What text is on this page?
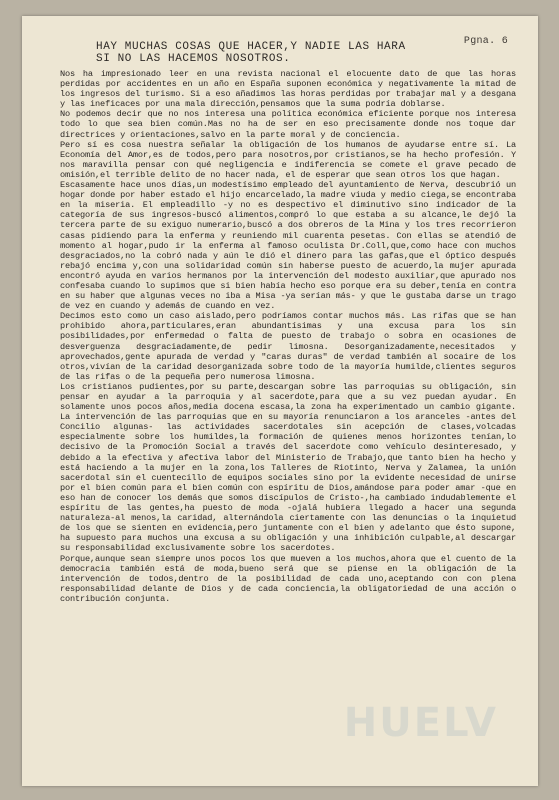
Pgna. 6
HAY MUCHAS COSAS QUE HACER,Y NADIE LAS HARA
SI NO LAS HACEMOS NOSOTROS.

Nos ha impresionado leer en una revista nacional el elocuente dato de que las horas perdidas por accidentes en un año en España suponen económica y negativamente la mitad de los ingresos del turismo. Si a eso añadimos las horas perdidas por trabajar mal y a desgana y las ineficaces por una mala dirección,pensamos que la suma podría doblarse.

No podemos decir que no nos interesa una política económica eficiente porque nos interesa todo lo que sea bien común.Mas no ha de ser en eso precisamente donde nos toque dar directrices y orientaciones,salvo en la parte moral y de conciencia.

Pero sí es cosa nuestra señalar la obligación de los humanos de ayudarse entre sí. La Economía del Amor,es de todos,pero para nosotros,por cristianos,se ha hecho profesión. Y nos maravilla pensar con qué negligencia e indiferencia se comete el grave pecado de omisión,el terrible delito de no hacer nada, el de esperar que sean otros los que hagan.

Escasamente hace unos días,un modestísimo empleado del ayuntamiento de Nerva, descubrió un hogar donde por haber estado el hijo encarcelado,la madre viuda y medio ciega,se encontraba en la miseria. El empleadillo -y no es despectivo el diminutivo sino indicador de la categoría de sus ingresos-buscó alimentos,compró lo que estaba a su alcance,le dejó la tercera parte de su exiguo numerario,buscó a dos obreros de la Mina y los tres recorrieron casas pidiendo para la enferma y reuniendo mil cuarenta pesetas. Con ellas se atendió de momento al hogar,pudo ir la enferma al famoso oculista Dr.Coll,que,como hace con muchos desgraciados,no la cobró nada y aún le dió el dinero para las gafas,que el óptico después rebajó encima y,con una solidaridad común sin haberse puesto de acuerdo,la mujer apurada encontró ayuda en varios hermanos por la intervención del modesto auxiliar,que apurado nos confesaba cuando lo supimos que si bien había hecho eso porque era su deber,tenía en contra en su haber que algunas veces no iba a Misa -ya serían más- y que le gustaba darse un trago de vez en cuando y además de cuando en vez.

Decimos esto como un caso aislado,pero podríamos contar muchos más. Las rifas que se han prohibido ahora,particulares,eran abundantísimas y una excusa para los sin posibilidades,por enfermedad o falta de puesto de trabajo o sobra en ocasiones de desverguenza desgraciadamente,de pedir limosna. Desorganizadamente,necesitados y aprovechados,gente apurada de verdad y "caras duras" de verdad también al socaire de los otros,vivían de la caridad desorganizada sobre todo de la mayoría humilde,clientes seguros de las rifas o de la pequeña pero numerosa limosna.

Los cristianos pudientes,por su parte,descargan sobre las parroquias su obligación, sin pensar en ayudar a la parroquia y al sacerdote,para que a su vez puedan ayudar. En solamente unos pocos años,media docena escasa,la zona ha experimentado un cambio gigante. La intervención de las parroquias que en su mayoría renunciaron a los aranceles -antes del Concilio algunas- las actividades sacerdotales sin acepción de clases,volcadas especialmente sobre los humildes,la formación de quienes menos horizontes tenían,lo decisivo de la Promoción Social a través del sacerdote como vehículo desinteresado, y debido a la efectiva y afectiva labor del Ministerio de Trabajo,que tanto bien ha hecho y está haciendo a la mujer en la zona,los Talleres de Riotinto, Nerva y Zalamea, la unión sacerdotal sin el cuentecillo de equipos sociales sino por la evidente necesidad de unirse por el bien común para el bien común con espíritu de Dios,amándose para poder amar -que en eso han de conocer los demás que somos discípulos de Cristo-,ha cambiado indudablemente el espíritu de las gentes,ha puesto de moda -ojalá hubiera llegado a hacer una segunda naturaleza-al menos,la caridad, alternándola ciertamente con las denuncias o la inquietud de los que se sienten en evidencia,pero juntamente con el bien y adelanto que ésto supone, ha supuesto para muchos una excusa a su obligación y una inhibición culpable,al descargar su responsabilidad exclusivamente sobre los sacerdotes.

Porque,aunque sean siempre unos pocos los que mueven a los muchos,ahora que el cuento de la democracia también está de moda,bueno será que se piense en la obligación de la intervención de todos,dentro de la posibilidad de cada uno,aceptando con con plena responsabilidad delante de Dios y de cada conciencia,la obligatoriedad de una acción o contribución conjunta.

HUELV
